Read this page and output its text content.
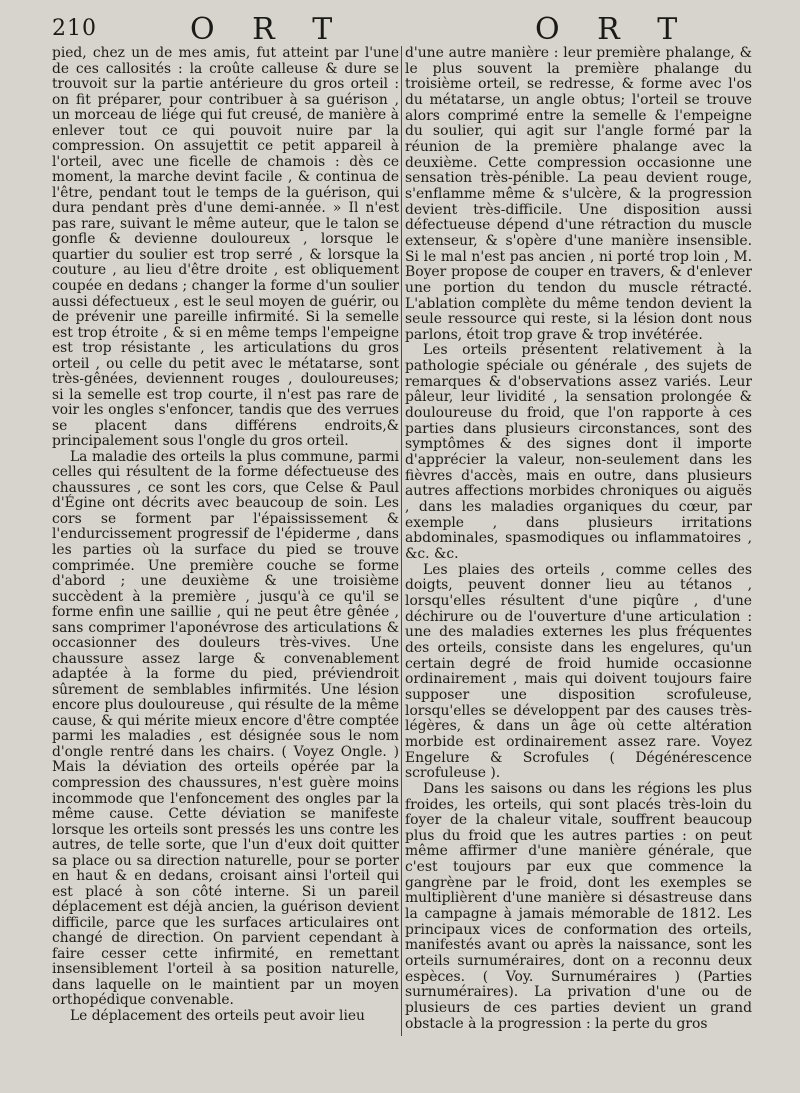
210	O R T	O R T

pied, chez un de mes amis, fut atteint par l'une de ces callosités : la croûte calleuse & dure se trouvoit sur la partie antérieure du gros orteil : on fit préparer, pour contribuer à sa guérison , un morceau de liége qui fut creusé, de manière à enlever tout ce qui pouvoit nuire par la compression. On assujettit ce petit appareil à l'orteil, avec une ficelle de chamois : dès ce moment, la marche devint facile , & continua de l'être, pendant tout le temps de la guérison, qui dura pendant près d'une demi-année. » Il n'est pas rare, suivant le même auteur, que le talon se gonfle & devienne douloureux , lorsque le quartier du soulier est trop serré , & lorsque la couture , au lieu d'être droite , est obliquement coupée en dedans ; changer la forme d'un soulier aussi défectueux , est le seul moyen de guérir, ou de prévenir une pareille infirmité. Si la semelle est trop étroite , & si en même temps l'empeigne est trop résistante , les articulations du gros orteil , ou celle du petit avec le métatarse, sont très-gênées, deviennent rouges , douloureuses; si la semelle est trop courte, il n'est pas rare de voir les ongles s'enfoncer, tandis que des verrues se placent dans différens endroits,& principalement sous l'ongle du gros orteil.

La maladie des orteils la plus commune, parmi celles qui résultent de la forme défectueuse des chaussures , ce sont les cors, que Celse & Paul d'Égine ont décrits avec beaucoup de soin. Les cors se forment par l'épaississement & l'endurcissement progressif de l'épiderme , dans les parties où la surface du pied se trouve comprimée. Une première couche se forme d'abord ; une deuxième & une troisième succèdent à la première , jusqu'à ce qu'il se forme enfin une saillie , qui ne peut être gênée , sans comprimer l'aponévrose des articulations & occasionner des douleurs très-vives. Une chaussure assez large & convenablement adaptée à la forme du pied, préviendroit sûrement de semblables infirmités. Une lésion encore plus douloureuse , qui résulte de la même cause, & qui mérite mieux encore d'être comptée parmi les maladies , est désignée sous le nom d'ongle rentré dans les chairs. ( Voyez Ongle. ) Mais la déviation des orteils opérée par la compression des chaussures, n'est guère moins incommode que l'enfoncement des ongles par la même cause. Cette déviation se manifeste lorsque les orteils sont pressés les uns contre les autres, de telle sorte, que l'un d'eux doit quitter sa place ou sa direction naturelle, pour se porter en haut & en dedans, croisant ainsi l'orteil qui est placé à son côté interne. Si un pareil déplacement est déjà ancien, la guérison devient difficile, parce que les surfaces articulaires ont changé de direction. On parvient cependant à faire cesser cette infirmité, en remettant insensiblement l'orteil à sa position naturelle, dans laquelle on le maintient par un moyen orthopédique convenable.

Le déplacement des orteils peut avoir lieu

d'une autre manière : leur première phalange, & le plus souvent la première phalange du troisième orteil, se redresse, & forme avec l'os du métatarse, un angle obtus; l'orteil se trouve alors comprimé entre la semelle & l'empeigne du soulier, qui agit sur l'angle formé par la réunion de la première phalange avec la deuxième. Cette compression occasionne une sensation très-pénible. La peau devient rouge, s'enflamme même & s'ulcère, & la progression devient très-difficile. Une disposition aussi défectueuse dépend d'une rétraction du muscle extenseur, & s'opère d'une manière insensible. Si le mal n'est pas ancien , ni porté trop loin , M. Boyer propose de couper en travers, & d'enlever une portion du tendon du muscle rétracté. L'ablation complète du même tendon devient la seule ressource qui reste, si la lésion dont nous parlons, étoit trop grave & trop invétérée.

Les orteils présentent relativement à la pathologie spéciale ou générale , des sujets de remarques & d'observations assez variés. Leur pâleur, leur lividité , la sensation prolongée & douloureuse du froid, que l'on rapporte à ces parties dans plusieurs circonstances, sont des symptômes & des signes dont il importe d'apprécier la valeur, non-seulement dans les fièvres d'accès, mais en outre, dans plusieurs autres affections morbides chroniques ou aiguës , dans les maladies organiques du cœur, par exemple , dans plusieurs irritations abdominales, spasmodiques ou inflammatoires , &c. &c.

Les plaies des orteils , comme celles des doigts, peuvent donner lieu au tétanos , lorsqu'elles résultent d'une piqûre , d'une déchirure ou de l'ouverture d'une articulation : une des maladies externes les plus fréquentes des orteils, consiste dans les engelures, qu'un certain degré de froid humide occasionne ordinairement , mais qui doivent toujours faire supposer une disposition scrofuleuse, lorsqu'elles se développent par des causes très-légères, & dans un âge où cette altération morbide est ordinairement assez rare. Voyez Engelure & Scrofules ( Dégénérescence scrofuleuse ).

Dans les saisons ou dans les régions les plus froides, les orteils, qui sont placés très-loin du foyer de la chaleur vitale, souffrent beaucoup plus du froid que les autres parties : on peut même affirmer d'une manière générale, que c'est toujours par eux que commence la gangrène par le froid, dont les exemples se multiplièrent d'une manière si désastreuse dans la campagne à jamais mémorable de 1812. Les principaux vices de conformation des orteils, manifestés avant ou après la naissance, sont les orteils surnuméraires, dont on a reconnu deux espèces. ( Voy. Surnuméraires ) (Parties surnuméraires). La privation d'une ou de plusieurs de ces parties devient un grand obstacle à la progression : la perte du gros
